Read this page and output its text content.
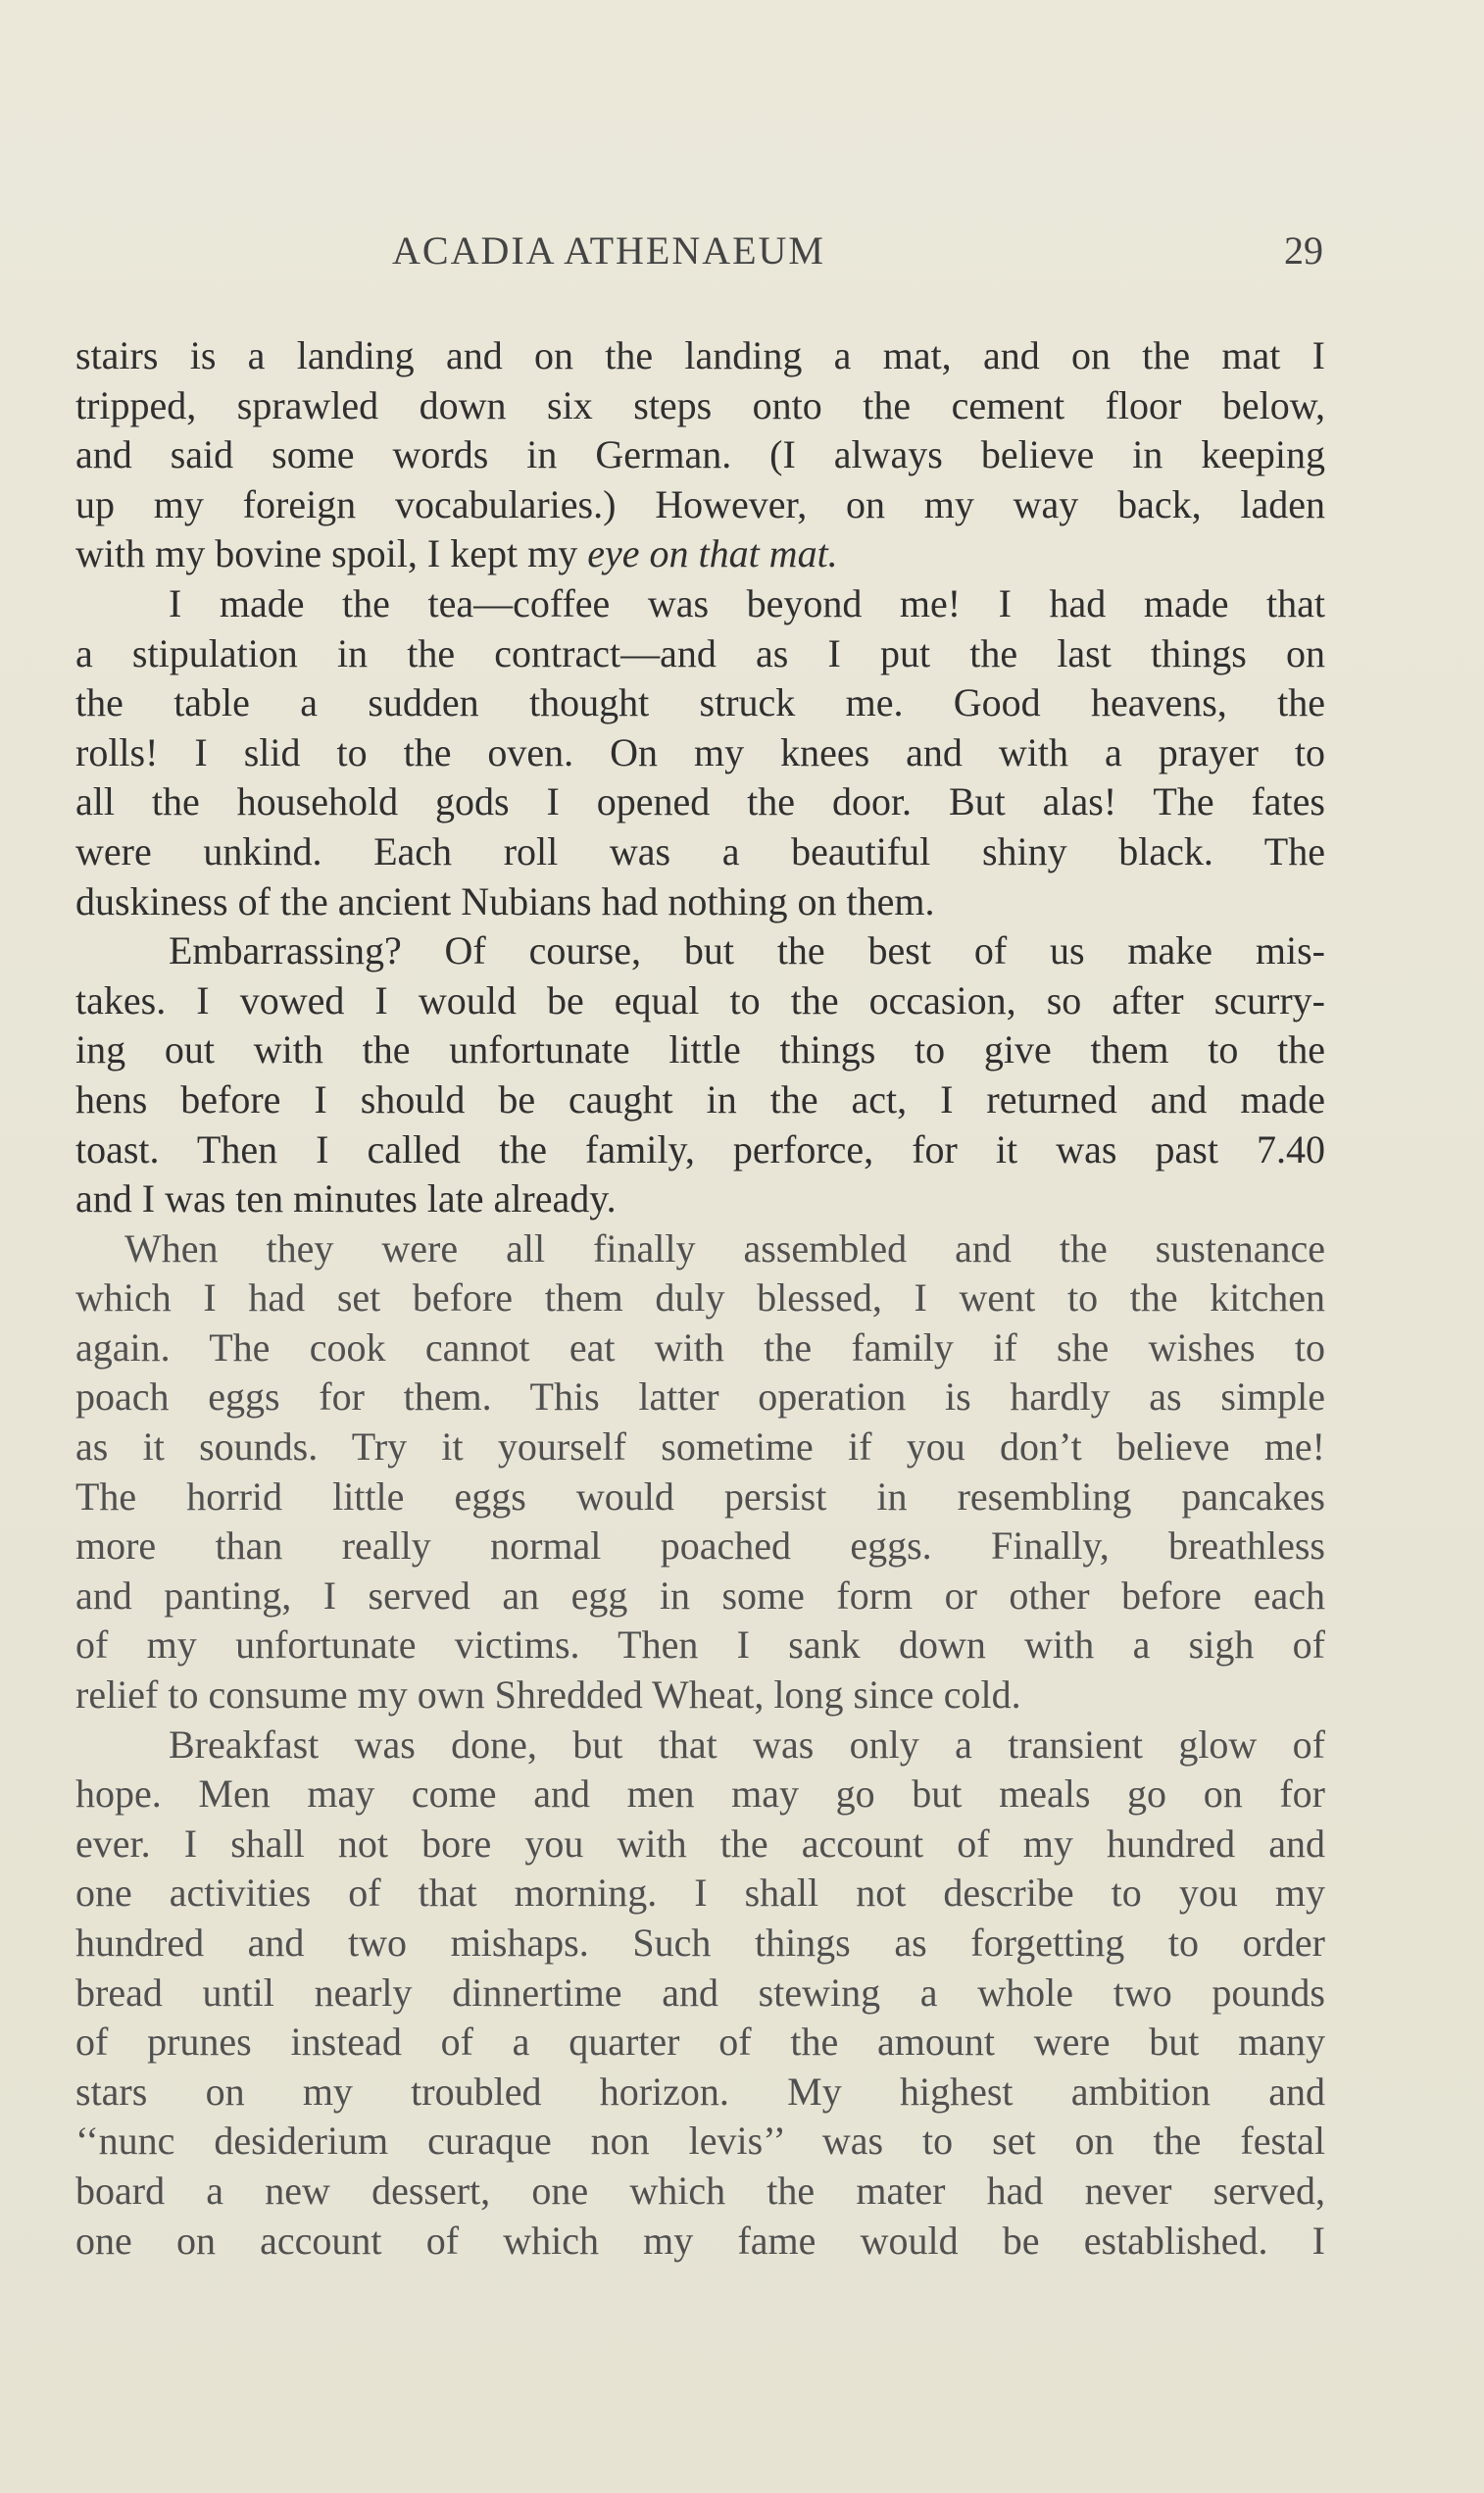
ACADIA ATHENAEUM	29
stairs is a landing and on the landing a mat, and on the mat I
tripped, sprawled down six steps onto the cement floor below,
and said some words in German. (I always believe in keeping
up my foreign vocabularies.) However, on my way back, laden
with my bovine spoil, I kept my eye on that mat.
I made the tea—coffee was beyond me! I had made that
a stipulation in the contract—and as I put the last things on
the table a sudden thought struck me. Good heavens, the
rolls! I slid to the oven. On my knees and with a prayer to
all the household gods I opened the door. But alas! The fates
were unkind. Each roll was a beautiful shiny black. The
duskiness of the ancient Nubians had nothing on them.
Embarrassing? Of course, but the best of us make mis-
takes. I vowed I would be equal to the occasion, so after scurry-
ing out with the unfortunate little things to give them to the
hens before I should be caught in the act, I returned and made
toast. Then I called the family, perforce, for it was past 7.40
and I was ten minutes late already.
When they were all finally assembled and the sustenance
which I had set before them duly blessed, I went to the kitchen
again. The cook cannot eat with the family if she wishes to
poach eggs for them. This latter operation is hardly as simple
as it sounds. Try it yourself sometime if you don’t believe me!
The horrid little eggs would persist in resembling pancakes
more than really normal poached eggs. Finally, breathless
and panting, I served an egg in some form or other before each
of my unfortunate victims. Then I sank down with a sigh of
relief to consume my own Shredded Wheat, long since cold.
Breakfast was done, but that was only a transient glow of
hope. Men may come and men may go but meals go on for
ever. I shall not bore you with the account of my hundred and
one activities of that morning. I shall not describe to you my
hundred and two mishaps. Such things as forgetting to order
bread until nearly dinnertime and stewing a whole two pounds
of prunes instead of a quarter of the amount were but many
stars on my troubled horizon. My highest ambition and
‘‘nunc desiderium curaque non levis’’ was to set on the festal
board a new dessert, one which the mater had never served,
one on account of which my fame would be established. I
